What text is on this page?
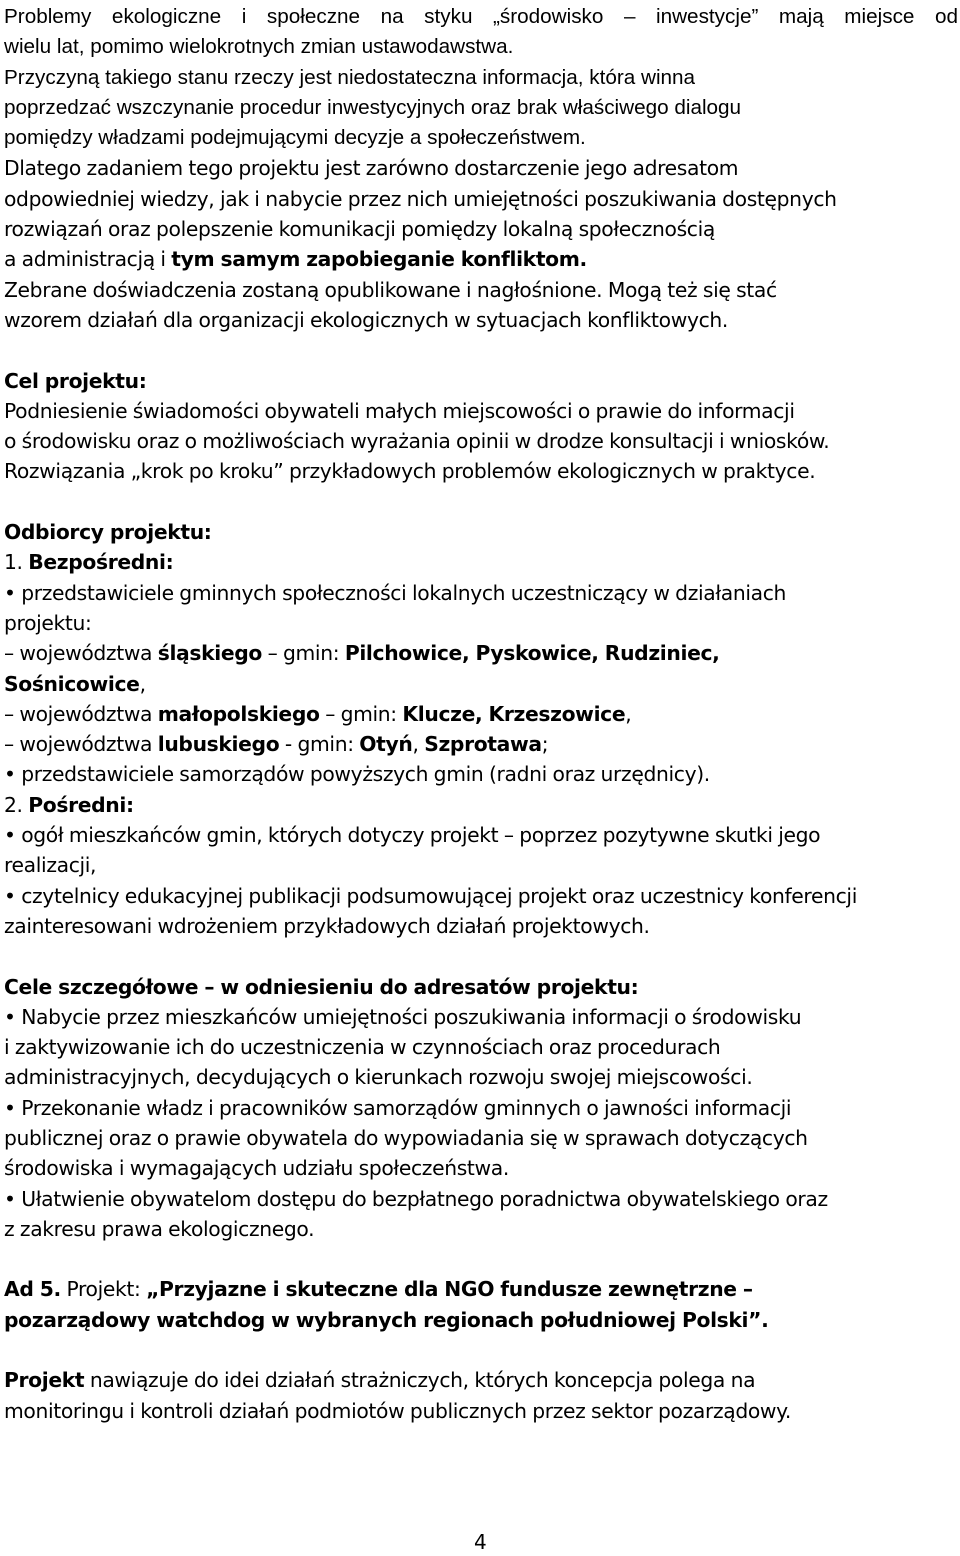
Problemy ekologiczne i społeczne na styku „środowisko – inwestycje” mają miejsce od
wielu lat, pomimo wielokrotnych zmian ustawodawstwa.
Przyczyną takiego stanu rzeczy jest niedostateczna informacja, która winna
poprzedzać wszczynanie procedur inwestycyjnych oraz brak właściwego dialogu
pomiędzy władzami podejmującymi decyzje a społeczeństwem.
Dlatego zadaniem tego projektu jest zarówno dostarczenie jego adresatom
odpowiedniej wiedzy, jak i nabycie przez nich umiejętności poszukiwania dostępnych
rozwiązań oraz polepszenie komunikacji pomiędzy lokalną społecznością
a administracją i tym samym zapobieganie konfliktom.
Zebrane doświadczenia zostaną opublikowane i nagłośnione. Mogą też się stać
wzorem działań dla organizacji ekologicznych w sytuacjach konfliktowych.
Cel projektu:
Podniesienie świadomości obywateli małych miejscowości o prawie do informacji
o środowisku oraz o możliwościach wyrażania opinii w drodze konsultacji i wniosków.
Rozwiązania „krok po kroku” przykładowych problemów ekologicznych w praktyce.
Odbiorcy projektu:
1. Bezpośredni:
• przedstawiciele gminnych społeczności lokalnych uczestniczący w działaniach
projektu:
– województwa śląskiego – gmin: Pilchowice, Pyskowice, Rudziniec,
Sośnicowice,
– województwa małopolskiego – gmin: Klucze, Krzeszowice,
– województwa lubuskiego - gmin: Otyń, Szprotawa;
• przedstawiciele samorządów powyższych gmin (radni oraz urzędnicy).
2. Pośredni:
• ogół mieszkańców gmin, których dotyczy projekt – poprzez pozytywne skutki jego
realizacji,
• czytelnicy edukacyjnej publikacji podsumowującej projekt oraz uczestnicy konferencji
zainteresowani wdrożeniem przykładowych działań projektowych.
Cele szczegółowe – w odniesieniu do adresatów projektu:
• Nabycie przez mieszkańców umiejętności poszukiwania informacji o środowisku
i zaktywizowanie ich do uczestniczenia w czynnościach oraz procedurach
administracyjnych, decydujących o kierunkach rozwoju swojej miejscowości.
• Przekonanie władz i pracowników samorządów gminnych o jawności informacji
publicznej oraz o prawie obywatela do wypowiadania się w sprawach dotyczących
środowiska i wymagających udziału społeczeństwa.
• Ułatwienie obywatelom dostępu do bezpłatnego poradnictwa obywatelskiego oraz
z zakresu prawa ekologicznego.
Ad 5. Projekt: „Przyjazne i skuteczne dla NGO fundusze zewnętrzne –
pozarządowy watchdog w wybranych regionach południowej Polski”.
Projekt nawiązuje do idei działań strażniczych, których koncepcja polega na
monitoringu i kontroli działań podmiotów publicznych przez sektor pozarządowy.
4
